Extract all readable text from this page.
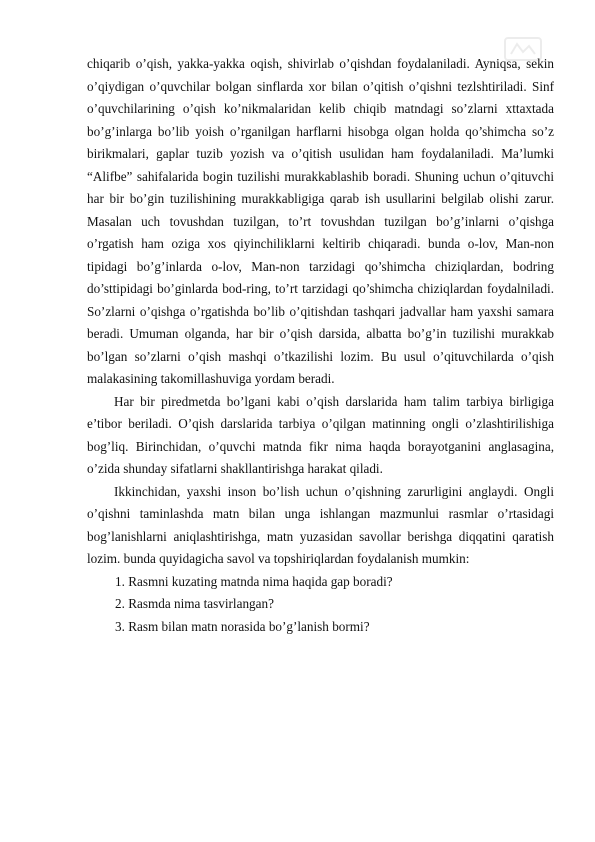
chiqarib o’qish, yakka-yakka oqish, shivirlab o’qishdan foydalaniladi. Ayniqsa, sekin o’qiydigan o’quvchilar bolgan sinflarda xor bilan o’qitish o’qishni tezlshtiriladi. Sinf o’quvchilarining o’qish ko’nikmalaridan kelib chiqib matndagi so’zlarni xttaxtada bo’g’inlarga bo’lib yoish o’rganilgan harflarni hisobga olgan holda qo’shimcha so’z birikmalari, gaplar tuzib yozish va o’qitish usulidan ham foydalaniladi. Ma’lumki “Alifbe” sahifalarida bogin tuzilishi murakkablashib boradi. Shuning uchun o’qituvchi har bir bo’gin tuzilishining murakkabligiga qarab ish usullarini belgilab olishi zarur. Masalan uch tovushdan tuzilgan, to’rt tovushdan tuzilgan bo’g’inlarni o’qishga o’rgatish ham oziga xos qiyinchiliklarni keltirib chiqaradi. bunda o-lov, Man-non tipidagi bo’g’inlarda o-lov, Man-non tarzidagi qo’shimcha chiziqlardan, bodring do’sttipidagi bo’ginlarda bod-ring, to’rt tarzidagi qo’shimcha chiziqlardan foydalniladi. So’zlarni o’qishga o’rgatishda bo’lib o’qitishdan tashqari jadvallar ham yaxshi samara beradi. Umuman olganda, har bir o’qish darsida, albatta bo’g’in tuzilishi murakkab bo’lgan so’zlarni o’qish mashqi o’tkazilishi lozim. Bu usul o’qituvchilarda o’qish malakasining takomillashuviga yordam beradi.

Har bir piredmetda bo’lgani kabi o’qish darslarida ham talim tarbiya birligiga e’tibor beriladi. O’qish darslarida tarbiya o’qilgan matinning ongli o’zlashtirilishiga bog’liq. Birinchidan, o’quvchi matnda fikr nima haqda borayotganini anglasagina, o’zida shunday sifatlarni shakllantirishga harakat qiladi.

Ikkinchidan, yaxshi inson bo’lish uchun o’qishning zarurligini anglaydi. Ongli o’qishni taminlashda matn bilan unga ishlangan mazmunlui rasmlar o’rtasidagi bog’lanishlarni aniqlashtirishga, matn yuzasidan savollar berishga diqqatini qaratish lozim. bunda quyidagicha savol va topshiriqlardan foydalanish mumkin:

1. Rasmni kuzating matnda nima haqida gap boradi?

2. Rasmda nima tasvirlangan?

3. Rasm bilan matn norasida bo’g’lanish bormi?
